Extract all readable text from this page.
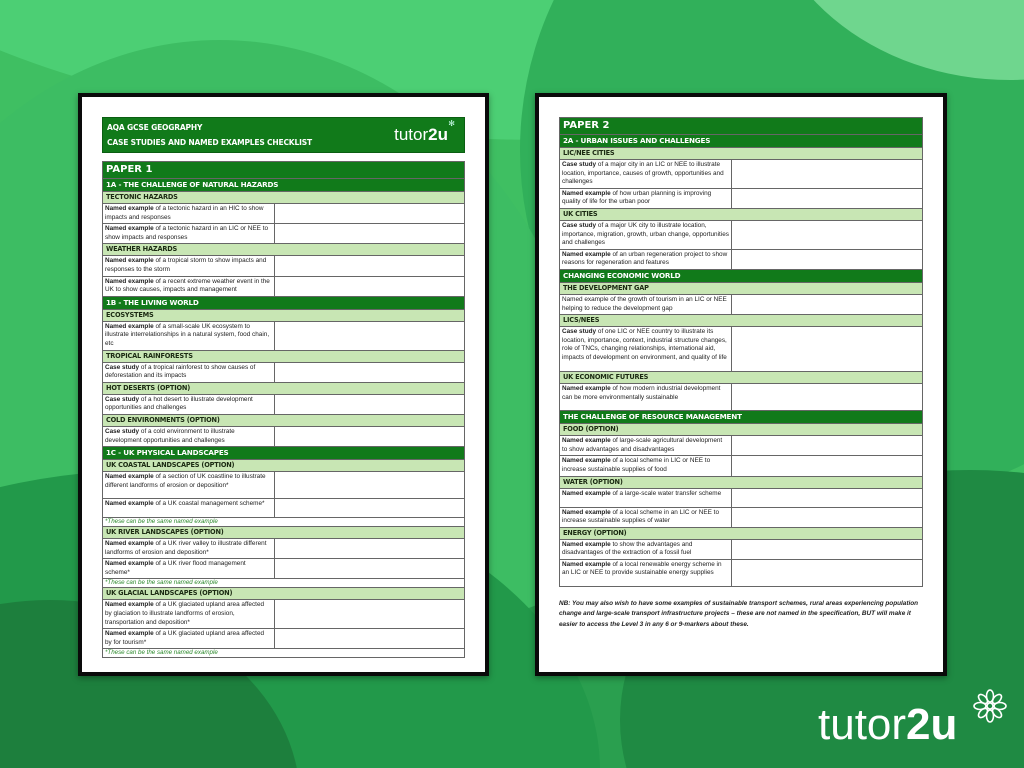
AQA GCSE GEOGRAPHY
CASE STUDIES AND NAMED EXAMPLES CHECKLIST	tutor2u
✻
PAPER 1	
1A - THE CHALLENGE OF NATURAL HAZARDS	
TECTONIC HAZARDS	
Named example of a tectonic hazard in an HIC to show impacts and responses	
Named example of a tectonic hazard in an LIC or NEE to show impacts and responses	
WEATHER HAZARDS	
Named example of a tropical storm to show impacts and responses to the storm	
Named example of a recent extreme weather event in the UK to show causes, impacts and management	
1B - THE LIVING WORLD	
ECOSYSTEMS	
Named example of a small-scale UK ecosystem to illustrate interrelationships in a natural system, food chain, etc	
TROPICAL RAINFORESTS	
Case study of a tropical rainforest to show causes of deforestation and its impacts	
HOT DESERTS (OPTION)	
Case study of a hot desert to illustrate development opportunities and challenges	
COLD ENVIRONMENTS (OPTION)	
Case study of a cold environment to illustrate development opportunities and challenges	
1C - UK PHYSICAL LANDSCAPES	
UK COASTAL LANDSCAPES (OPTION)	
Named example of a section of UK coastline to illustrate different landforms of erosion or deposition*	
Named example of a UK coastal management scheme*	
*These can be the same named example	
UK RIVER LANDSCAPES (OPTION)	
Named example of a UK river valley to illustrate different landforms of erosion and deposition*	
Named example of a UK river flood management scheme*	
*These can be the same named example	
UK GLACIAL LANDSCAPES (OPTION)	
Named example of a UK glaciated upland area affected by glaciation to illustrate landforms of erosion, transportation and deposition*	
Named example of a UK glaciated upland area affected by for tourism*	
*These can be the same named example	
PAPER 2	
2A - URBAN ISSUES AND CHALLENGES	
LIC/NEE CITIES	
Case study of a major city in an LIC or NEE to illustrate location, importance, causes of growth, opportunities and challenges	
Named example of how urban planning is improving quality of life for the urban poor	
UK CITIES	
Case study of a major UK city to illustrate location, importance, migration, growth, urban change, opportunities and challenges	
Named example of an urban regeneration project to show reasons for regeneration and features	
CHANGING ECONOMIC WORLD	
THE DEVELOPMENT GAP	
Named example of the growth of tourism in an LIC or NEE helping to reduce the development gap	
LICS/NEES	
Case study of one LIC or NEE country to illustrate its location, importance, context, industrial structure changes, role of TNCs, changing relationships, international aid, impacts of development on environment, and quality of life	
UK ECONOMIC FUTURES	
Named example of how modern industrial development can be more environmentally sustainable	
THE CHALLENGE OF RESOURCE MANAGEMENT	
FOOD (OPTION)	
Named example of large-scale agricultural development to show advantages and disadvantages	
Named example of a local scheme in LIC or NEE to increase sustainable supplies of food	
WATER (OPTION)	
Named example of a large-scale water transfer scheme	
Named example of a local scheme in an LIC or NEE to increase sustainable supplies of water	
ENERGY (OPTION)	
Named example to show the advantages and disadvantages of the extraction of a fossil fuel	
Named example of a local renewable energy scheme in an LIC or NEE to provide sustainable energy supplies	

NB: You may also wish to have some examples of sustainable transport schemes, rural areas experiencing population change and large-scale transport infrastructure projects – these are not named in the specification, BUT will make it easier to access the Level 3 in any 6 or 9-markers about these.

tutor2u
